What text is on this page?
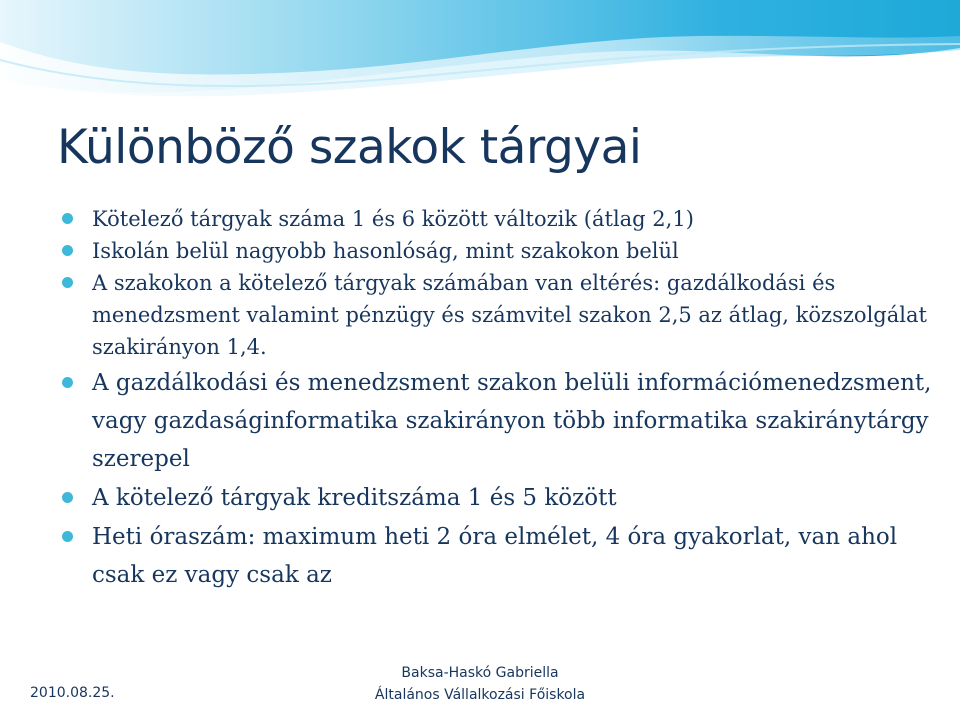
Különböző szakok tárgyai
Kötelező tárgyak száma 1 és 6 között változik (átlag 2,1)
Iskolán belül nagyobb hasonlóság, mint szakokon belül
A szakokon a kötelező tárgyak számában van eltérés: gazdálkodási és menedzsment valamint pénzügy és számvitel szakon 2,5 az átlag, közszolgálat szakirányon 1,4.
A gazdálkodási és menedzsment szakon belüli információmenedzsment, vagy gazdaságinformatika szakirányon több informatika szakiránytárgy szerepel
A kötelező tárgyak kreditszáma 1 és 5 között
Heti óraszám: maximum heti 2 óra elmélet, 4 óra gyakorlat, van ahol csak ez vagy csak az
2010.08.25.
Baksa-Haskó Gabriella
Általános Vállalkozási Főiskola
